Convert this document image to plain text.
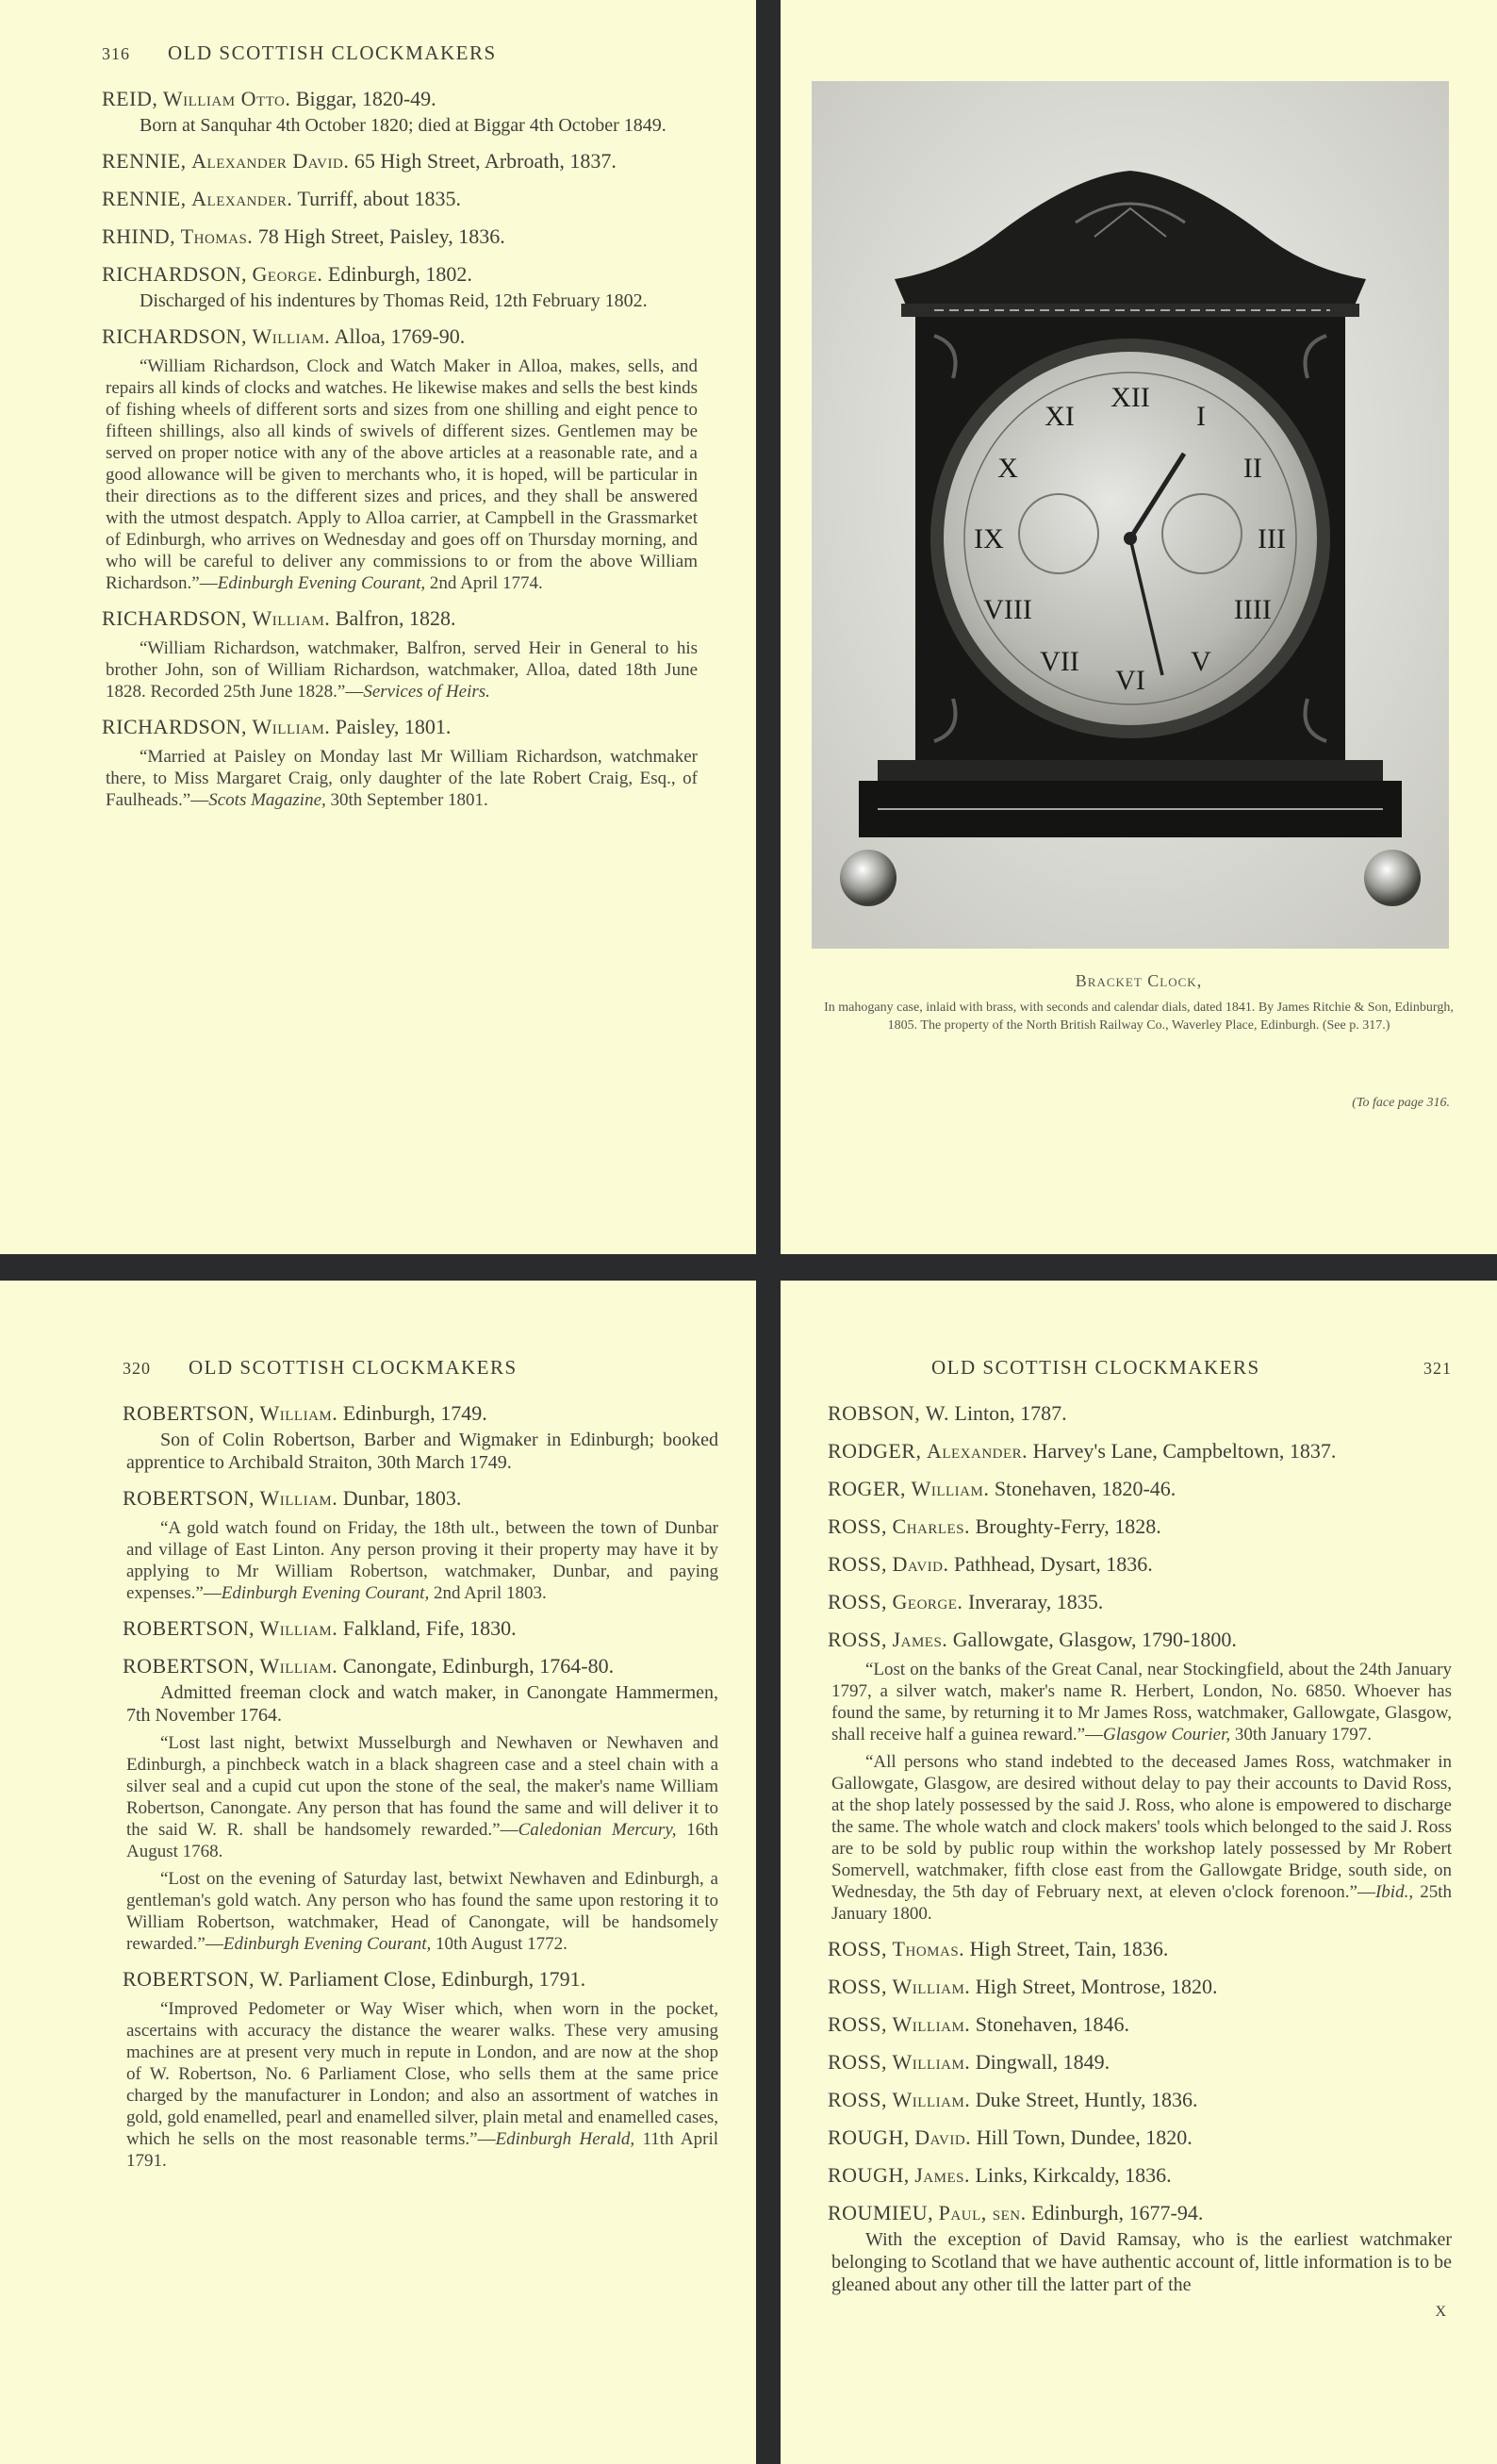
316	OLD SCOTTISH CLOCKMAKERS
REID, William Otto. Biggar, 1820-49.
Born at Sanquhar 4th October 1820; died at Biggar 4th October 1849.
RENNIE, Alexander David. 65 High Street, Arbroath, 1837.
RENNIE, Alexander. Turriff, about 1835.
RHIND, Thomas. 78 High Street, Paisley, 1836.
RICHARDSON, George. Edinburgh, 1802.
Discharged of his indentures by Thomas Reid, 12th February 1802.
RICHARDSON, William. Alloa, 1769-90.
“William Richardson, Clock and Watch Maker in Alloa, makes, sells, and repairs all kinds of clocks and watches. He likewise makes and sells the best kinds of fishing wheels of different sorts and sizes from one shilling and eight pence to fifteen shillings, also all kinds of swivels of different sizes. Gentlemen may be served on proper notice with any of the above articles at a reasonable rate, and a good allowance will be given to merchants who, it is hoped, will be particular in their directions as to the different sizes and prices, and they shall be answered with the utmost despatch. Apply to Alloa carrier, at Campbell in the Grassmarket of Edinburgh, who arrives on Wednesday and goes off on Thursday morning, and who will be careful to deliver any commissions to or from the above William Richardson.”—Edinburgh Evening Courant, 2nd April 1774.
RICHARDSON, William. Balfron, 1828.
“William Richardson, watchmaker, Balfron, served Heir in General to his brother John, son of William Richardson, watchmaker, Alloa, dated 18th June 1828. Recorded 25th June 1828.”—Services of Heirs.
RICHARDSON, William. Paisley, 1801.
“Married at Paisley on Monday last Mr William Richardson, watchmaker there, to Miss Margaret Craig, only daughter of the late Robert Craig, Esq., of Faulheads.”—Scots Magazine, 30th September 1801.
XII
I
II
III
IIII
V
VI
VII
VIII
IX
X
XI
Bracket Clock,
In mahogany case, inlaid with brass, with seconds and calendar dials, dated 1841. By James Ritchie & Son, Edinburgh, 1805. The property of the North British Railway Co., Waverley Place, Edinburgh. (See p. 317.)
(To face page 316.
320	OLD SCOTTISH CLOCKMAKERS
ROBERTSON, William. Edinburgh, 1749.
Son of Colin Robertson, Barber and Wigmaker in Edinburgh; booked apprentice to Archibald Straiton, 30th March 1749.
ROBERTSON, William. Dunbar, 1803.
“A gold watch found on Friday, the 18th ult., between the town of Dunbar and village of East Linton. Any person proving it their property may have it by applying to Mr William Robertson, watchmaker, Dunbar, and paying expenses.”—Edinburgh Evening Courant, 2nd April 1803.
ROBERTSON, William. Falkland, Fife, 1830.
ROBERTSON, William. Canongate, Edinburgh, 1764-80.
Admitted freeman clock and watch maker, in Canongate Hammermen, 7th November 1764.
“Lost last night, betwixt Musselburgh and Newhaven or Newhaven and Edinburgh, a pinchbeck watch in a black shagreen case and a steel chain with a silver seal and a cupid cut upon the stone of the seal, the maker's name William Robertson, Canongate. Any person that has found the same and will deliver it to the said W. R. shall be handsomely rewarded.”—Caledonian Mercury, 16th August 1768.
“Lost on the evening of Saturday last, betwixt Newhaven and Edinburgh, a gentleman's gold watch. Any person who has found the same upon restoring it to William Robertson, watchmaker, Head of Canongate, will be handsomely rewarded.”—Edinburgh Evening Courant, 10th August 1772.
ROBERTSON, W. Parliament Close, Edinburgh, 1791.
“Improved Pedometer or Way Wiser which, when worn in the pocket, ascertains with accuracy the distance the wearer walks. These very amusing machines are at present very much in repute in London, and are now at the shop of W. Robertson, No. 6 Parliament Close, who sells them at the same price charged by the manufacturer in London; and also an assortment of watches in gold, gold enamelled, pearl and enamelled silver, plain metal and enamelled cases, which he sells on the most reasonable terms.”—Edinburgh Herald, 11th April 1791.
OLD SCOTTISH CLOCKMAKERS	321
ROBSON, W. Linton, 1787.
RODGER, Alexander. Harvey's Lane, Campbeltown, 1837.
ROGER, William. Stonehaven, 1820-46.
ROSS, Charles. Broughty-Ferry, 1828.
ROSS, David. Pathhead, Dysart, 1836.
ROSS, George. Inveraray, 1835.
ROSS, James. Gallowgate, Glasgow, 1790-1800.
“Lost on the banks of the Great Canal, near Stockingfield, about the 24th January 1797, a silver watch, maker's name R. Herbert, London, No. 6850. Whoever has found the same, by returning it to Mr James Ross, watchmaker, Gallowgate, Glasgow, shall receive half a guinea reward.”—Glasgow Courier, 30th January 1797.
“All persons who stand indebted to the deceased James Ross, watchmaker in Gallowgate, Glasgow, are desired without delay to pay their accounts to David Ross, at the shop lately possessed by the said J. Ross, who alone is empowered to discharge the same. The whole watch and clock makers' tools which belonged to the said J. Ross are to be sold by public roup within the workshop lately possessed by Mr Robert Somervell, watchmaker, fifth close east from the Gallowgate Bridge, south side, on Wednesday, the 5th day of February next, at eleven o'clock forenoon.”—Ibid., 25th January 1800.
ROSS, Thomas. High Street, Tain, 1836.
ROSS, William. High Street, Montrose, 1820.
ROSS, William. Stonehaven, 1846.
ROSS, William. Dingwall, 1849.
ROSS, William. Duke Street, Huntly, 1836.
ROUGH, David. Hill Town, Dundee, 1820.
ROUGH, James. Links, Kirkcaldy, 1836.
ROUMIEU, Paul, sen. Edinburgh, 1677-94.
With the exception of David Ramsay, who is the earliest watchmaker belonging to Scotland that we have authentic account of, little information is to be gleaned about any other till the latter part of the
X
